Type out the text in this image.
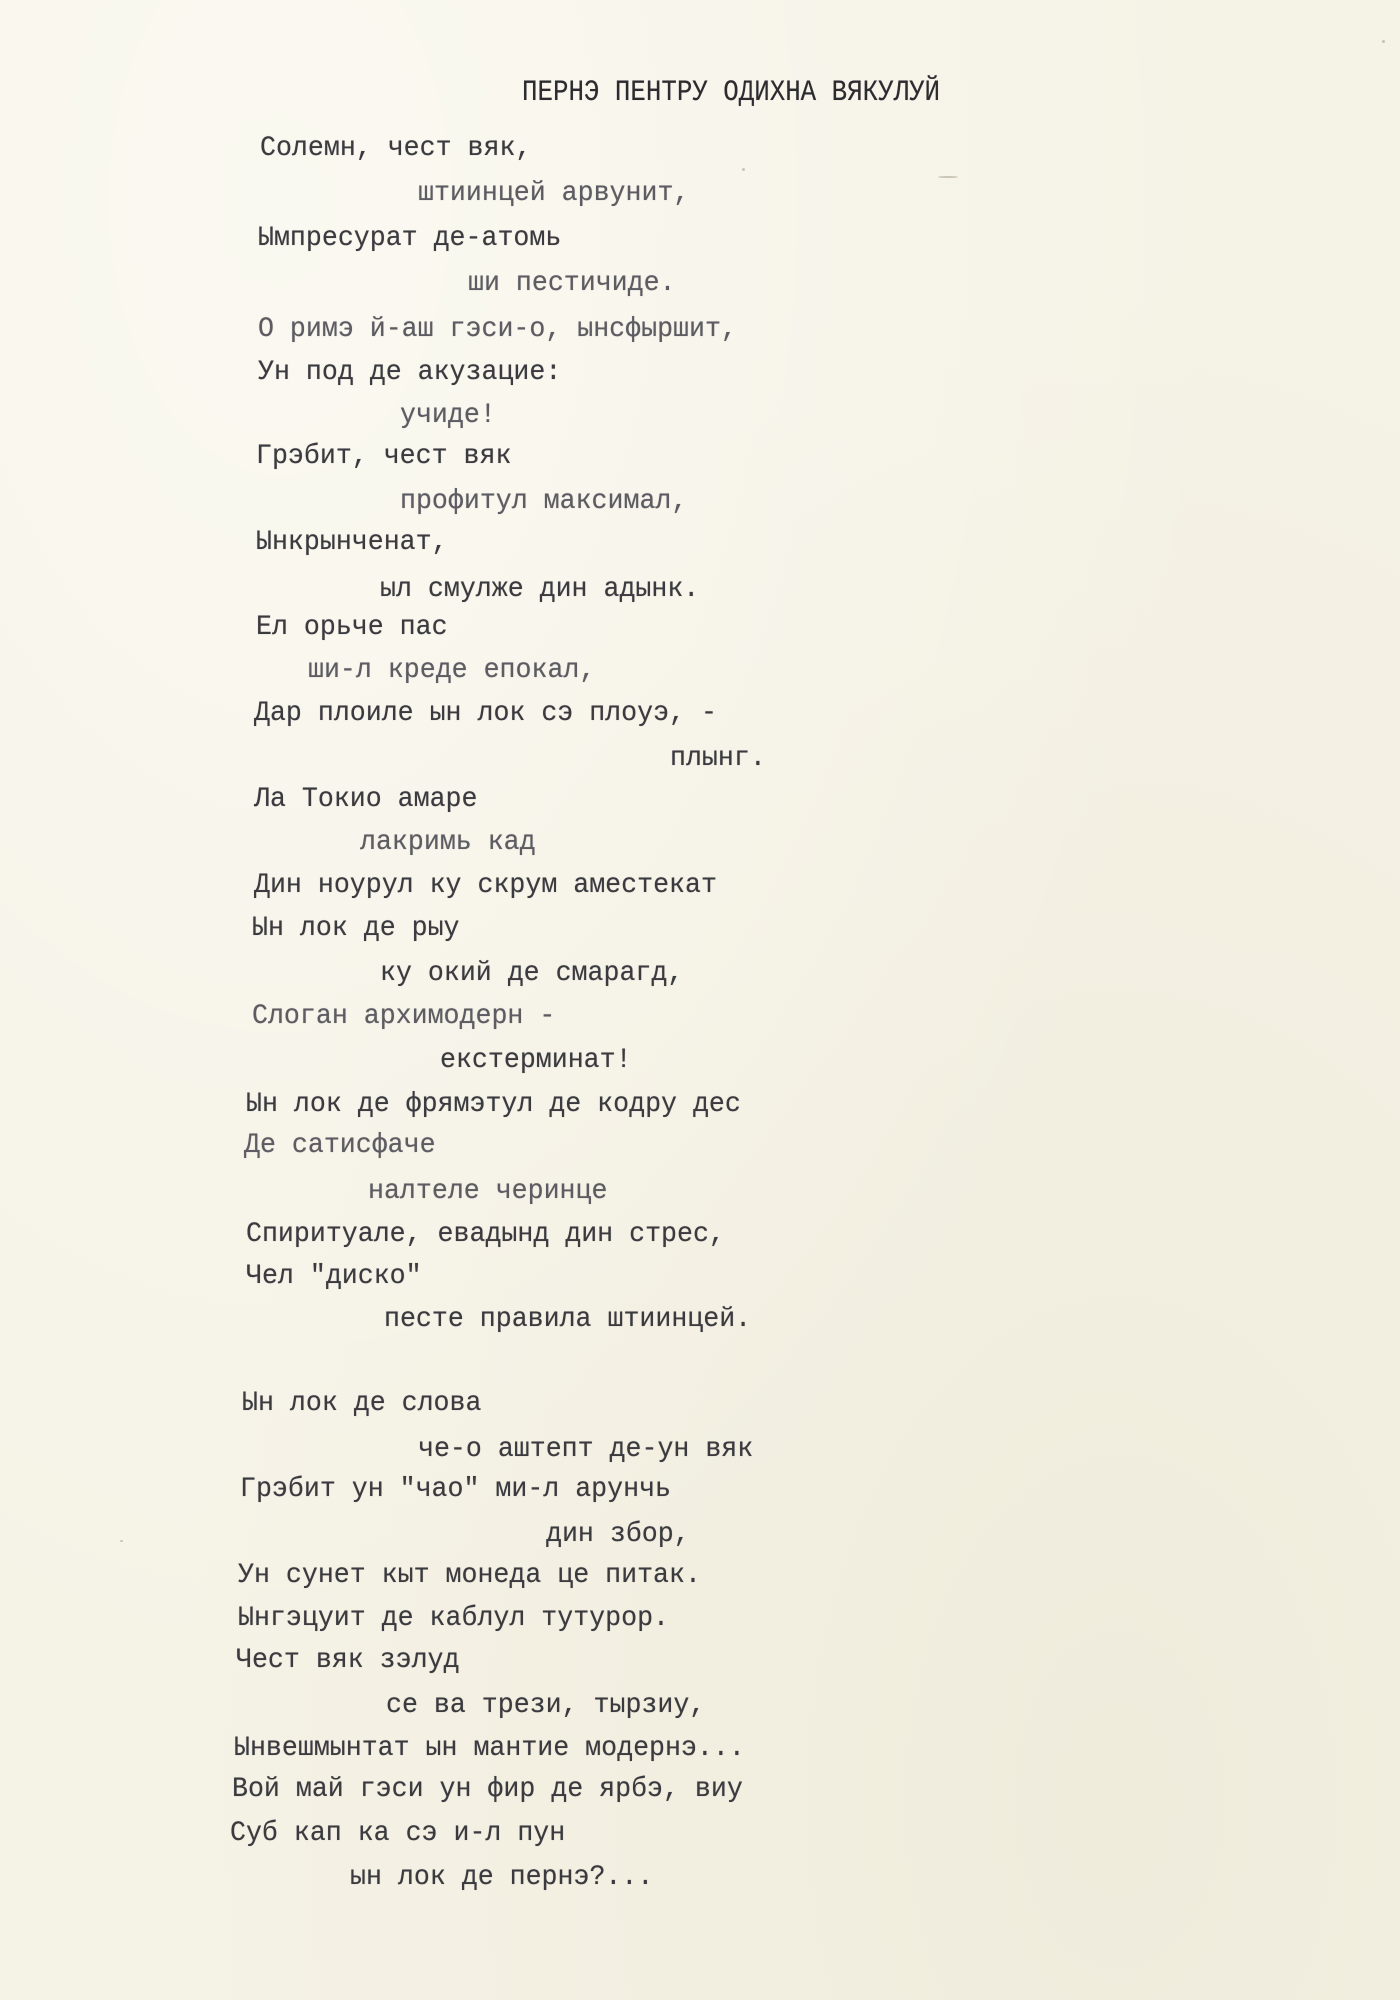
ПЕРНЭ ПЕНТРУ ОДИХНА ВЯКУЛУЙ

Солемн, чест вяк,

штиинцей арвунит,

Ымпресурат де-атомь

ши пестичиде.

О римэ й-аш гэси-о, ынсфыршит,

Ун под де акузацие:

учиде!

Грэбит, чест вяк

профитул максимал,

Ынкрынченат,

ыл смулже дин адынк.

Ел орьче пас

ши-л креде епокал,

Дар плоиле ын лок сэ плоуэ, -

плынг.

Ла Токио амаре

лакримь кад

Дин ноурул ку скрум аместекат

Ын лок де рыу

ку окий де смарагд,

Слоган архимодерн -

екстерминат!

Ын лок де фрямэтул де кодру дес

Де сатисфаче

налтеле черинце

Спиритуале, евадынд дин стрес,

Чел "диско"

песте правила штиинцей.

Ын лок де слова

че-о аштепт де-ун вяк

Грэбит ун "чао" ми-л арунчь

дин збор,

Ун сунет кыт монеда це питак.

Ынгэцуит де каблул тутурор.

Чест вяк зэлуд

се ва трези, тырзиу,

Ынвешмынтат ын мантие модернэ...

Вой май гэси ун фир де ярбэ, виу

Суб кап ка сэ и-л пун

ын лок де пернэ?...
